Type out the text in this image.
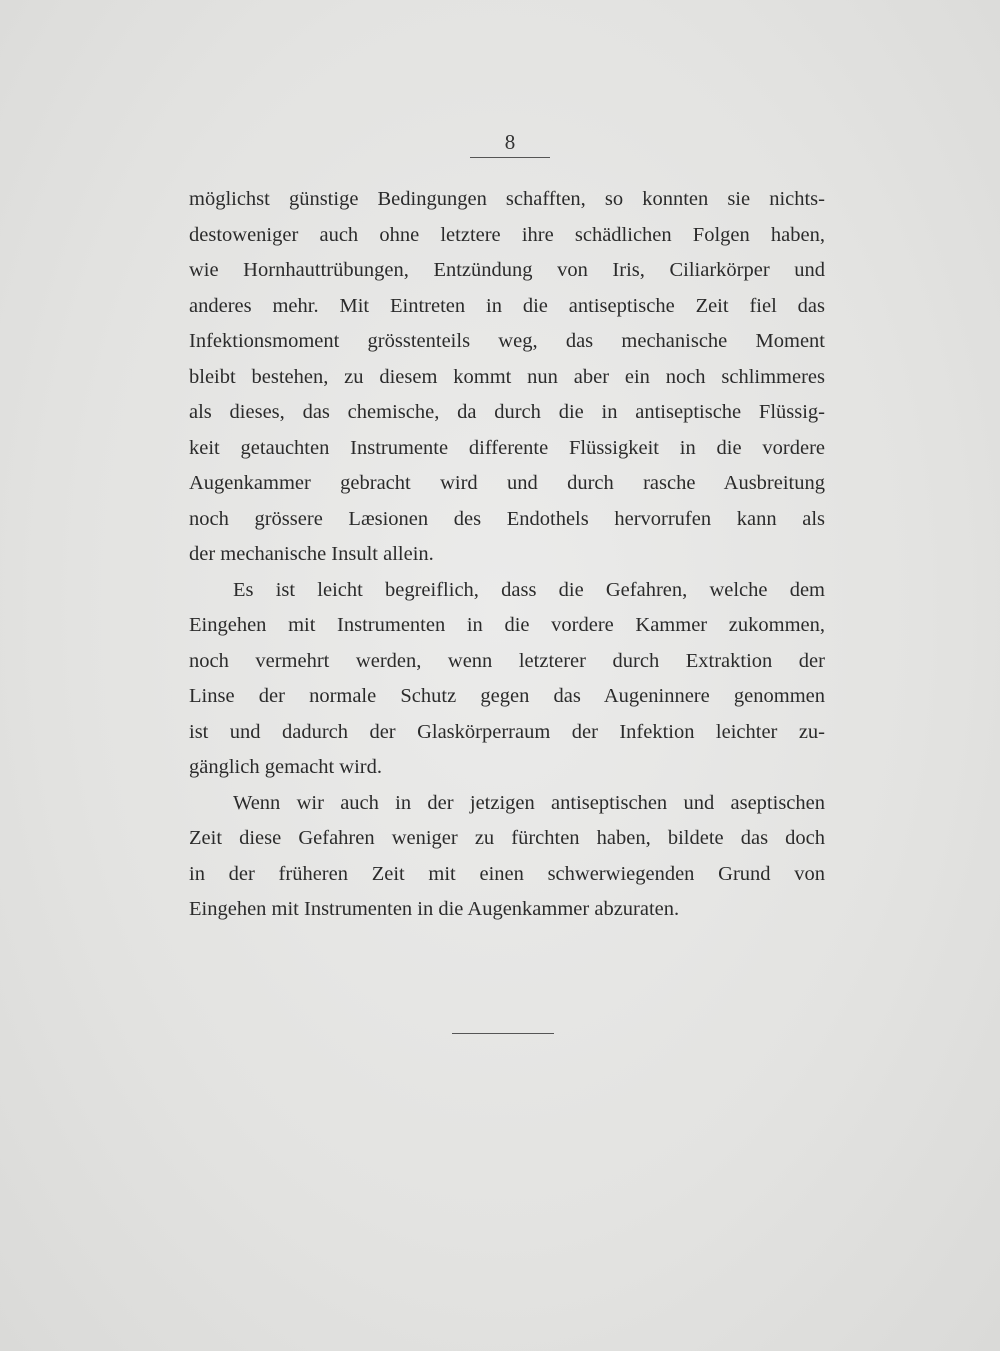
8

möglichst günstige Bedingungen schafften, so konnten sie nichts-
destoweniger auch ohne letztere ihre schädlichen Folgen haben,
wie Hornhauttrübungen, Entzündung von Iris, Ciliarkörper und
anderes mehr. Mit Eintreten in die antiseptische Zeit fiel das
Infektionsmoment grösstenteils weg, das mechanische Moment
bleibt bestehen, zu diesem kommt nun aber ein noch schlimmeres
als dieses, das chemische, da durch die in antiseptische Flüssig-
keit getauchten Instrumente differente Flüssigkeit in die vordere
Augenkammer gebracht wird und durch rasche Ausbreitung
noch grössere Læsionen des Endothels hervorrufen kann als
der mechanische Insult allein.

Es ist leicht begreiflich, dass die Gefahren, welche dem
Eingehen mit Instrumenten in die vordere Kammer zukommen,
noch vermehrt werden, wenn letzterer durch Extraktion der
Linse der normale Schutz gegen das Augeninnere genommen
ist und dadurch der Glaskörperraum der Infektion leichter zu-
gänglich gemacht wird.

Wenn wir auch in der jetzigen antiseptischen und aseptischen
Zeit diese Gefahren weniger zu fürchten haben, bildete das doch
in der früheren Zeit mit einen schwerwiegenden Grund von
Eingehen mit Instrumenten in die Augenkammer abzuraten.
